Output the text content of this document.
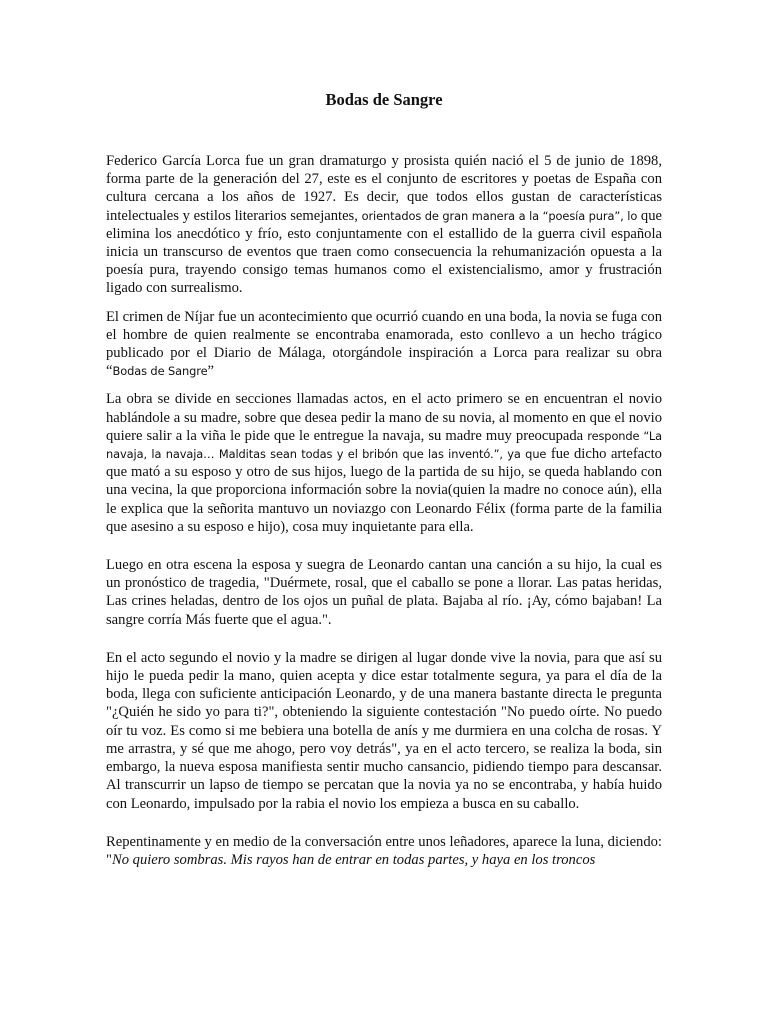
Bodas de Sangre

Federico García Lorca fue un gran dramaturgo y prosista quién nació el 5 de junio de 1898, forma parte de la generación del 27, este es el conjunto de escritores y poetas de España con cultura cercana a los años de 1927. Es decir, que todos ellos gustan de características intelectuales y estilos literarios semejantes, orientados de gran manera a la “poesía pura”, lo que elimina los anecdótico y frío, esto conjuntamente con el estallido de la guerra civil española inicia un transcurso de eventos que traen como consecuencia la rehumanización opuesta a la poesía pura, trayendo consigo temas humanos como el existencialismo, amor y frustración ligado con surrealismo.

El crimen de Níjar fue un acontecimiento que ocurrió cuando en una boda, la novia se fuga con el hombre de quien realmente se encontraba enamorada, esto conllevo a un hecho trágico publicado por el Diario de Málaga, otorgándole inspiración a Lorca para realizar su obra “Bodas de Sangre”

La obra se divide en secciones llamadas actos, en el acto primero se en encuentran el novio hablándole a su madre, sobre que desea pedir la mano de su novia, al momento en que el novio quiere salir a la viña le pide que le entregue la navaja, su madre muy preocupada responde “La navaja, la navaja… Malditas sean todas y el bribón que las inventó.”, ya que fue dicho artefacto que mató a su esposo y otro de sus hijos, luego de la partida de su hijo, se queda hablando con una vecina, la que proporciona información sobre la novia(quien la madre no conoce aún), ella le explica que la señorita mantuvo un noviazgo con Leonardo Félix (forma parte de la familia que asesino a su esposo e hijo), cosa muy inquietante para ella.

Luego en otra escena la esposa y suegra de Leonardo cantan una canción a su hijo, la cual es un pronóstico de tragedia, "Duérmete, rosal, que el caballo se pone a llorar. Las patas heridas, Las crines heladas, dentro de los ojos un puñal de plata. Bajaba al río. ¡Ay, cómo bajaban! La sangre corría Más fuerte que el agua.".

En el acto segundo el novio y la madre se dirigen al lugar donde vive la novia, para que así su hijo le pueda pedir la mano, quien acepta y dice estar totalmente segura, ya para el día de la boda, llega con suficiente anticipación Leonardo, y de una manera bastante directa le pregunta "¿Quién he sido yo para ti?", obteniendo la siguiente contestación "No puedo oírte. No puedo oír tu voz. Es como si me bebiera una botella de anís y me durmiera en una colcha de rosas. Y me arrastra, y sé que me ahogo, pero voy detrás", ya en el acto tercero, se realiza la boda, sin embargo, la nueva esposa manifiesta sentir mucho cansancio, pidiendo tiempo para descansar. Al transcurrir un lapso de tiempo se percatan que la novia ya no se encontraba, y había huido con Leonardo, impulsado por la rabia el novio los empieza a busca en su caballo.

Repentinamente y en medio de la conversación entre unos leñadores, aparece la luna, diciendo: "No quiero sombras. Mis rayos han de entrar en todas partes, y haya en los troncos
